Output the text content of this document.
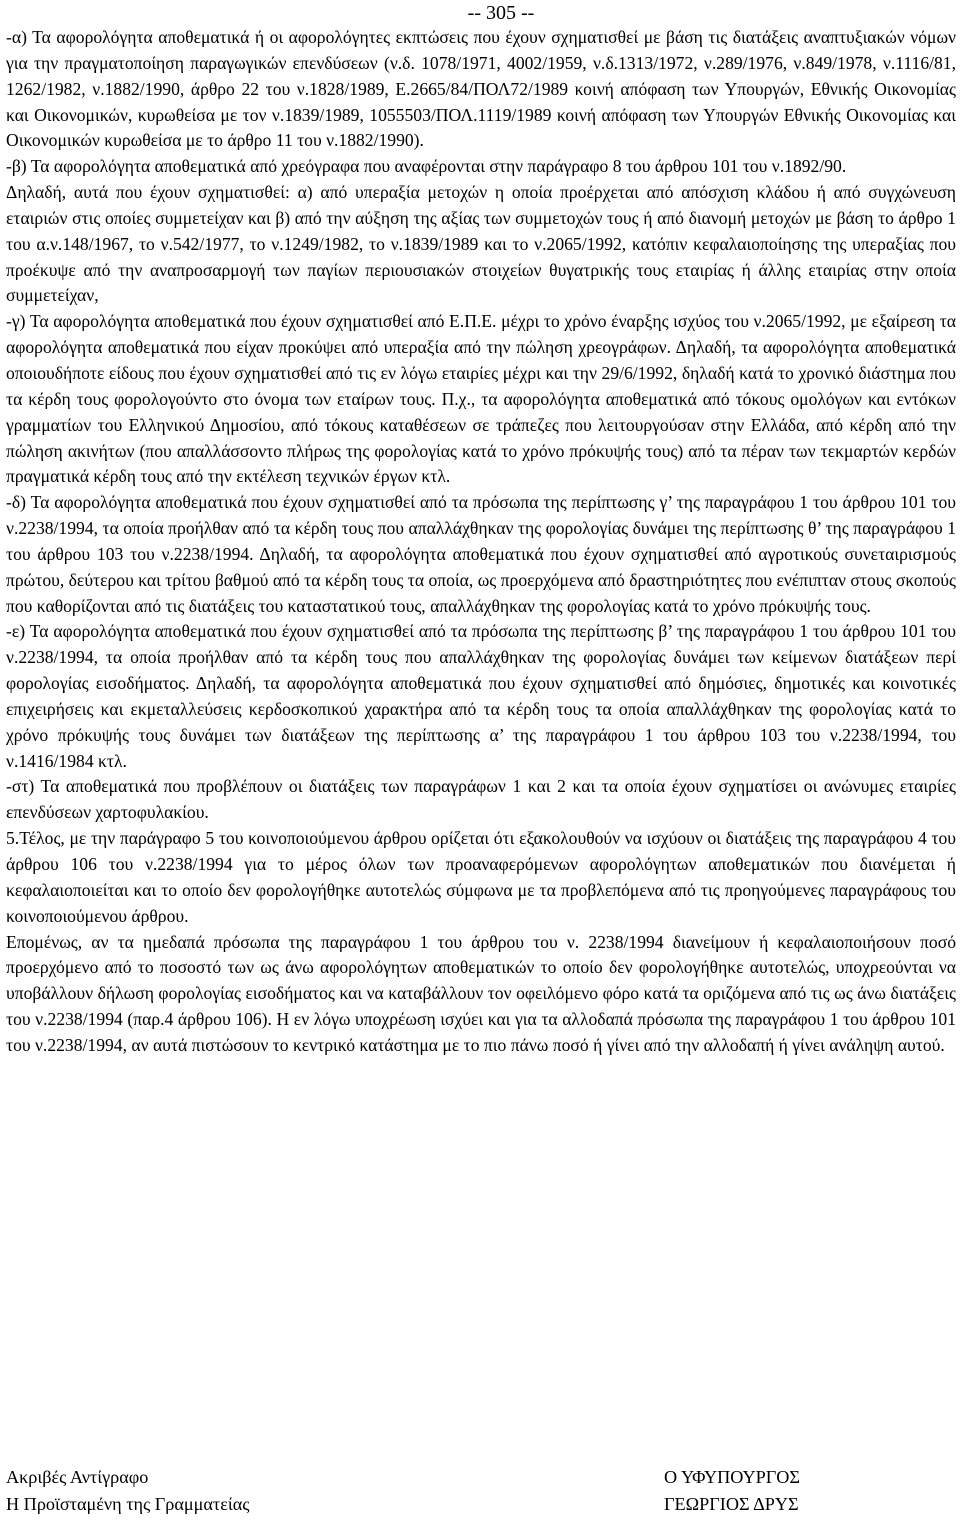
-- 305 --

-α) Τα αφορολόγητα αποθεματικά ή οι αφορολόγητες εκπτώσεις που έχουν σχηματισθεί με βάση τις διατάξεις αναπτυξιακών νόμων για την πραγματοποίηση παραγωγικών επενδύσεων (ν.δ. 1078/1971, 4002/1959, ν.δ.1313/1972, ν.289/1976, ν.849/1978, ν.1116/81, 1262/1982, ν.1882/1990, άρθρο 22 του ν.1828/1989, Ε.2665/84/ΠΟΛ72/1989 κοινή απόφαση των Υπουργών, Εθνικής Οικονομίας και Οικονομικών, κυρωθείσα με τον ν.1839/1989, 1055503/ΠΟΛ.1119/1989 κοινή απόφαση των Υπουργών Εθνικής Οικονομίας και Οικονομικών κυρωθείσα με το άρθρο 11 του ν.1882/1990).

-β) Τα αφορολόγητα αποθεματικά από χρεόγραφα που αναφέρονται στην παράγραφο 8 του άρθρου 101 του ν.1892/90.

Δηλαδή, αυτά που έχουν σχηματισθεί: α) από υπεραξία μετοχών η οποία προέρχεται από απόσχιση κλάδου ή από συγχώνευση εταιριών στις οποίες συμμετείχαν και β) από την αύξηση της αξίας των συμμετοχών τους ή από διανομή μετοχών με βάση το άρθρο 1 του α.ν.148/1967, το ν.542/1977, το ν.1249/1982, το ν.1839/1989 και το ν.2065/1992, κατόπιν κεφαλαιοποίησης της υπεραξίας που προέκυψε από την αναπροσαρμογή των παγίων περιουσιακών στοιχείων θυγατρικής τους εταιρίας ή άλλης εταιρίας στην οποία συμμετείχαν,

-γ) Τα αφορολόγητα αποθεματικά που έχουν σχηματισθεί από Ε.Π.Ε. μέχρι το χρόνο έναρξης ισχύος του ν.2065/1992, με εξαίρεση τα αφορολόγητα αποθεματικά που είχαν προκύψει από υπεραξία από την πώληση χρεογράφων. Δηλαδή, τα αφορολόγητα αποθεματικά οποιουδήποτε είδους που έχουν σχηματισθεί από τις εν λόγω εταιρίες μέχρι και την 29/6/1992, δηλαδή κατά το χρονικό διάστημα που τα κέρδη τους φορολογούντο στο όνομα των εταίρων τους. Π.χ., τα αφορολόγητα αποθεματικά από τόκους ομολόγων και εντόκων γραμματίων του Ελληνικού Δημοσίου, από τόκους καταθέσεων σε τράπεζες που λειτουργούσαν στην Ελλάδα, από κέρδη από την πώληση ακινήτων (που απαλλάσσοντο πλήρως της φορολογίας κατά το χρόνο πρόκυψής τους) από τα πέραν των τεκμαρτών κερδών πραγματικά κέρδη τους από την εκτέλεση τεχνικών έργων κτλ.

-δ) Τα αφορολόγητα αποθεματικά που έχουν σχηματισθεί από τα πρόσωπα της περίπτωσης γ’ της παραγράφου 1 του άρθρου 101 του ν.2238/1994, τα οποία προήλθαν από τα κέρδη τους που απαλλάχθηκαν της φορολογίας δυνάμει της περίπτωσης θ’ της παραγράφου 1 του άρθρου 103 του ν.2238/1994. Δηλαδή, τα αφορολόγητα αποθεματικά που έχουν σχηματισθεί από αγροτικούς συνεταιρισμούς πρώτου, δεύτερου και τρίτου βαθμού από τα κέρδη τους τα οποία, ως προερχόμενα από δραστηριότητες που ενέπιπταν στους σκοπούς που καθορίζονται από τις διατάξεις του καταστατικού τους, απαλλάχθηκαν της φορολογίας κατά το χρόνο πρόκυψής τους.

-ε) Τα αφορολόγητα αποθεματικά που έχουν σχηματισθεί από τα πρόσωπα της περίπτωσης β’ της παραγράφου 1 του άρθρου 101 του ν.2238/1994, τα οποία προήλθαν από τα κέρδη τους που απαλλάχθηκαν της φορολογίας δυνάμει των κείμενων διατάξεων περί φορολογίας εισοδήματος. Δηλαδή, τα αφορολόγητα αποθεματικά που έχουν σχηματισθεί από δημόσιες, δημοτικές και κοινοτικές επιχειρήσεις και εκμεταλλεύσεις κερδοσκοπικού χαρακτήρα από τα κέρδη τους τα οποία απαλλάχθηκαν της φορολογίας κατά το χρόνο πρόκυψής τους δυνάμει των διατάξεων της περίπτωσης α’ της παραγράφου 1 του άρθρου 103 του ν.2238/1994, του ν.1416/1984 κτλ.

-στ) Τα αποθεματικά που προβλέπουν οι διατάξεις των παραγράφων 1 και 2 και τα οποία έχουν σχηματίσει οι ανώνυμες εταιρίες επενδύσεων χαρτοφυλακίου.

5.Τέλος, με την παράγραφο 5 του κοινοποιούμενου άρθρου ορίζεται ότι εξακολουθούν να ισχύουν οι διατάξεις της παραγράφου 4 του άρθρου 106 του ν.2238/1994 για το μέρος όλων των προαναφερόμενων αφορολόγητων αποθεματικών που διανέμεται ή κεφαλαιοποιείται και το οποίο δεν φορολογήθηκε αυτοτελώς σύμφωνα με τα προβλεπόμενα από τις προηγούμενες παραγράφους του κοινοποιούμενου άρθρου.

Επομένως, αν τα ημεδαπά πρόσωπα της παραγράφου 1 του άρθρου του ν. 2238/1994 διανείμουν ή κεφαλαιοποιήσουν ποσό προερχόμενο από το ποσοστό των ως άνω αφορολόγητων αποθεματικών το οποίο δεν φορολογήθηκε αυτοτελώς, υποχρεούνται να υποβάλλουν δήλωση φορολογίας εισοδήματος και να καταβάλλουν τον οφειλόμενο φόρο κατά τα οριζόμενα από τις ως άνω διατάξεις του ν.2238/1994 (παρ.4 άρθρου 106). Η εν λόγω υποχρέωση ισχύει και για τα αλλοδαπά πρόσωπα της παραγράφου 1 του άρθρου 101 του ν.2238/1994, αν αυτά πιστώσουν το κεντρικό κατάστημα με το πιο πάνω ποσό ή γίνει από την αλλοδαπή ή γίνει ανάληψη αυτού.

Ακριβές Αντίγραφο
Η Προϊσταμένη της Γραμματείας
Ο ΥΦΥΠΟΥΡΓΟΣ
ΓΕΩΡΓΙΟΣ ΔΡΥΣ
